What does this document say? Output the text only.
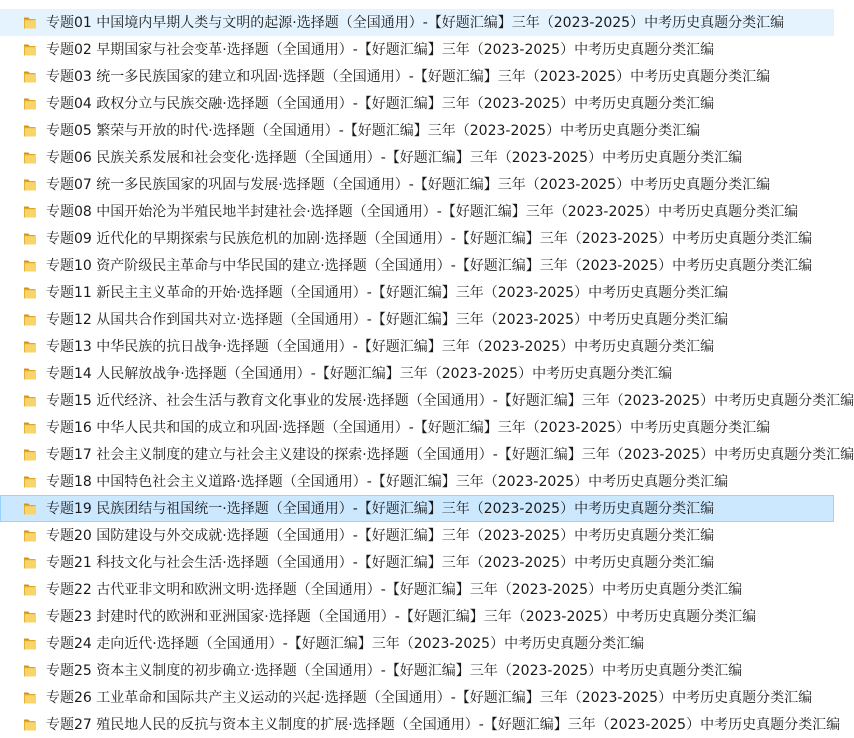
专题01 中国境内早期人类与文明的起源·选择题（全国通用）-【好题汇编】三年（2023-2025）中考历史真题分类汇编
专题02 早期国家与社会变革·选择题（全国通用）-【好题汇编】三年（2023-2025）中考历史真题分类汇编
专题03 统一多民族国家的建立和巩固·选择题（全国通用）-【好题汇编】三年（2023-2025）中考历史真题分类汇编
专题04 政权分立与民族交融·选择题（全国通用）-【好题汇编】三年（2023-2025）中考历史真题分类汇编
专题05 繁荣与开放的时代·选择题（全国通用）-【好题汇编】三年（2023-2025）中考历史真题分类汇编
专题06 民族关系发展和社会变化·选择题（全国通用）-【好题汇编】三年（2023-2025）中考历史真题分类汇编
专题07 统一多民族国家的巩固与发展·选择题（全国通用）-【好题汇编】三年（2023-2025）中考历史真题分类汇编
专题08 中国开始沦为半殖民地半封建社会·选择题（全国通用）-【好题汇编】三年（2023-2025）中考历史真题分类汇编
专题09 近代化的早期探索与民族危机的加剧·选择题（全国通用）-【好题汇编】三年（2023-2025）中考历史真题分类汇编
专题10 资产阶级民主革命与中华民国的建立·选择题（全国通用）-【好题汇编】三年（2023-2025）中考历史真题分类汇编
专题11 新民主主义革命的开始·选择题（全国通用）-【好题汇编】三年（2023-2025）中考历史真题分类汇编
专题12 从国共合作到国共对立·选择题（全国通用）-【好题汇编】三年（2023-2025）中考历史真题分类汇编
专题13 中华民族的抗日战争·选择题（全国通用）-【好题汇编】三年（2023-2025）中考历史真题分类汇编
专题14 人民解放战争·选择题（全国通用）-【好题汇编】三年（2023-2025）中考历史真题分类汇编
专题15 近代经济、社会生活与教育文化事业的发展·选择题（全国通用）-【好题汇编】三年（2023-2025）中考历史真题分类汇编
专题16 中华人民共和国的成立和巩固·选择题（全国通用）-【好题汇编】三年（2023-2025）中考历史真题分类汇编
专题17 社会主义制度的建立与社会主义建设的探索·选择题（全国通用）-【好题汇编】三年（2023-2025）中考历史真题分类汇编
专题18 中国特色社会主义道路·选择题（全国通用）-【好题汇编】三年（2023-2025）中考历史真题分类汇编
专题19 民族团结与祖国统一·选择题（全国通用）-【好题汇编】三年（2023-2025）中考历史真题分类汇编
专题20 国防建设与外交成就·选择题（全国通用）-【好题汇编】三年（2023-2025）中考历史真题分类汇编
专题21 科技文化与社会生活·选择题（全国通用）-【好题汇编】三年（2023-2025）中考历史真题分类汇编
专题22 古代亚非文明和欧洲文明·选择题（全国通用）-【好题汇编】三年（2023-2025）中考历史真题分类汇编
专题23 封建时代的欧洲和亚洲国家·选择题（全国通用）-【好题汇编】三年（2023-2025）中考历史真题分类汇编
专题24 走向近代·选择题（全国通用）-【好题汇编】三年（2023-2025）中考历史真题分类汇编
专题25 资本主义制度的初步确立·选择题（全国通用）-【好题汇编】三年（2023-2025）中考历史真题分类汇编
专题26 工业革命和国际共产主义运动的兴起·选择题（全国通用）-【好题汇编】三年（2023-2025）中考历史真题分类汇编
专题27 殖民地人民的反抗与资本主义制度的扩展·选择题（全国通用）-【好题汇编】三年（2023-2025）中考历史真题分类汇编
